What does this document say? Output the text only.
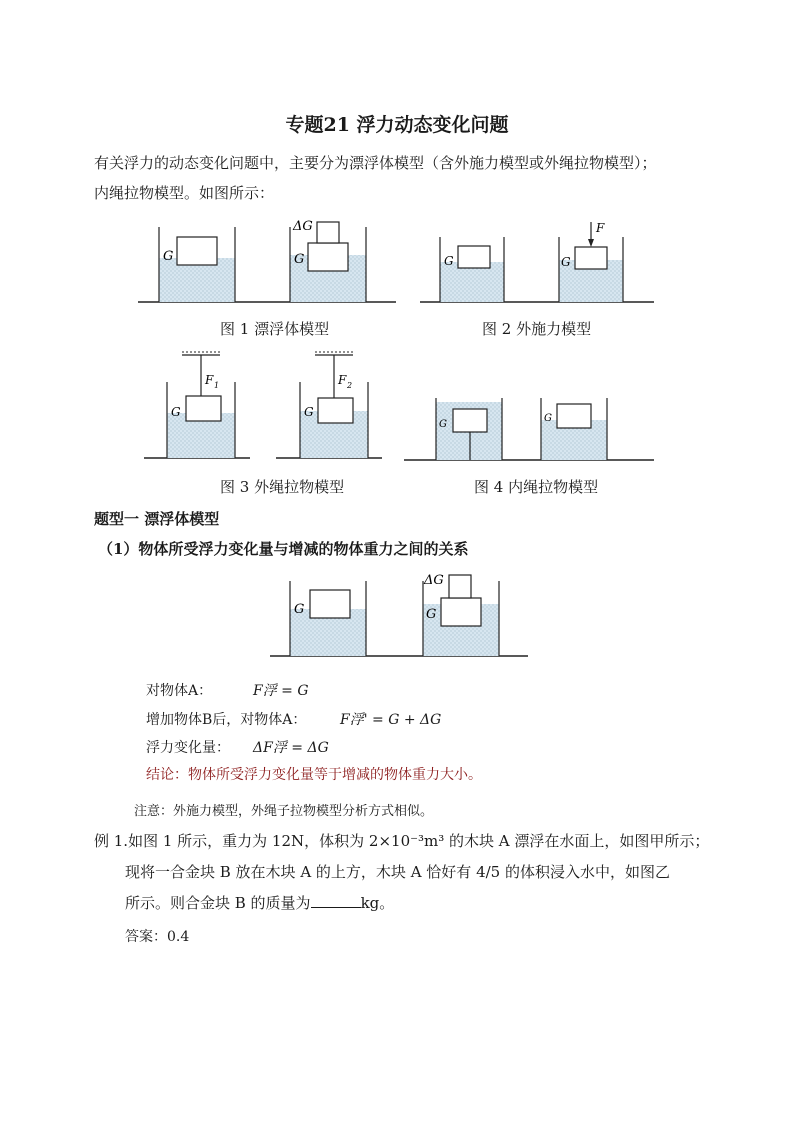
专题21 浮力动态变化问题
有关浮力的动态变化问题中，主要分为漂浮体模型（含外施力模型或外绳拉物模型）；
内绳拉物模型。如图所示：
G	G
ΔG
G	G
F
图 1 漂浮体模型	图 2 外施力模型
G
F 1
G
F 2
G
G
图 3 外绳拉物模型	图 4 内绳拉物模型
题型一 漂浮体模型
（1）物体所受浮力变化量与增减的物体重力之间的关系
G	G
ΔG
对物体A：	F浮 = G
增加物体B后，对物体A： F浮' = G + ΔG
浮力变化量： ΔF浮 = ΔG
结论：物体所受浮力变化量等于增减的物体重力大小。
注意：外施力模型，外绳子拉物模型分析方式相似。
例 1.如图 1 所示，重力为 12N，体积为 2×10⁻³m³ 的木块 A 漂浮在水面上，如图甲所示；
现将一合金块 B 放在木块 A 的上方，木块 A 恰好有 4/5 的体积浸入水中，如图乙
所示。则合金块 B 的质量为	kg。
答案：0.4
